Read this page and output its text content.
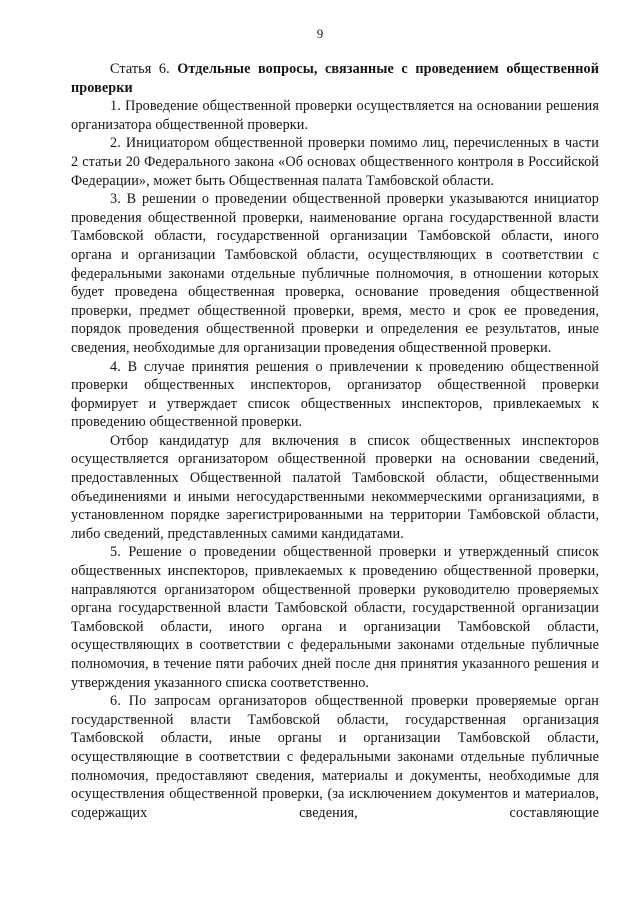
9

Статья 6. Отдельные вопросы, связанные с проведением общественной проверки

1. Проведение общественной проверки осуществляется на основании решения организатора общественной проверки.

2. Инициатором общественной проверки помимо лиц, перечисленных в части 2 статьи 20 Федерального закона «Об основах общественного контроля в Российской Федерации», может быть Общественная палата Тамбовской области.

3. В решении о проведении общественной проверки указываются инициатор проведения общественной проверки, наименование органа государственной власти Тамбовской области, государственной организации Тамбовской области, иного органа и организации Тамбовской области, осуществляющих в соответствии с федеральными законами отдельные публичные полномочия, в отношении которых будет проведена общественная проверка, основание проведения общественной проверки, предмет общественной проверки, время, место и срок ее проведения, порядок проведения общественной проверки и определения ее результатов, иные сведения, необходимые для организации проведения общественной проверки.

4. В случае принятия решения о привлечении к проведению общественной проверки общественных инспекторов, организатор общественной проверки формирует и утверждает список общественных инспекторов, привлекаемых к проведению общественной проверки.

Отбор кандидатур для включения в список общественных инспекторов осуществляется организатором общественной проверки на основании сведений, предоставленных Общественной палатой Тамбовской области, общественными объединениями и иными негосударственными некоммерческими организациями, в установленном порядке зарегистрированными на территории Тамбовской области, либо сведений, представленных самими кандидатами.

5. Решение о проведении общественной проверки и утвержденный список общественных инспекторов, привлекаемых к проведению общественной проверки, направляются организатором общественной проверки руководителю проверяемых органа государственной власти Тамбовской области, государственной организации Тамбовской области, иного органа и организации Тамбовской области, осуществляющих в соответствии с федеральными законами отдельные публичные полномочия, в течение пяти рабочих дней после дня принятия указанного решения и утверждения указанного списка соответственно.

6. По запросам организаторов общественной проверки проверяемые орган государственной власти Тамбовской области, государственная организация Тамбовской области, иные органы и организации Тамбовской области, осуществляющие в соответствии с федеральными законами отдельные публичные полномочия, предоставляют сведения, материалы и документы, необходимые для осуществления общественной проверки, (за исключением документов и материалов, содержащих сведения, составляющие
